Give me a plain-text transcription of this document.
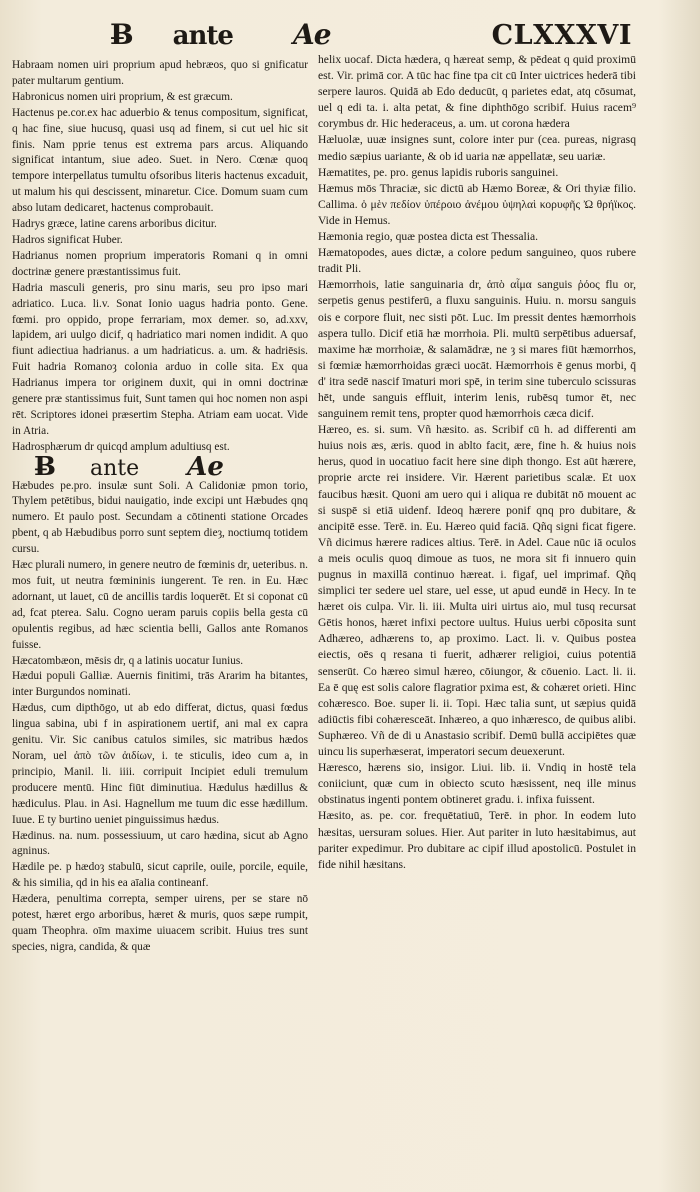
Ƀ ante Ae	CLXXXVI

Habraam nomen uiri proprium apud hebræos, quo si gnificatur pater multarum gentium.

Habronicus nomen uiri proprium, & est græcum.

Hactenus pe.cor.ex hac aduerbio & tenus compositum, significat, q hac fine, siue hucusq, quasi usq ad finem, si cut uel hic sit finis. Nam pprie tenus est extrema pars arcus. Aliquando significat intantum, siue adeo. Suet. in Nero. Cœnæ quoq tempore interpellatus tumultu ofsoribus literis hactenus excaduit, ut malum his qui descissent, minaretur. Cice. Domum suam cum abso lutam dedicaret, hactenus comprobauit.

Hadrys græce, latine carens arboribus dicitur.

Hadros significat Huber.

Hadrianus nomen proprium imperatoris Romani q in omni doctrinæ genere præstantissimus fuit.

Hadria masculi generis, pro sinu maris, seu pro ipso mari adriatico. Luca. li.v. Sonat Ionio uagus hadria ponto. Gene. fœmi. pro oppido, prope ferrariam, mox demer. so, ad.xxv, lapidem, ari uulgo dicif, q hadriatico mari nomen indidit. A quo fiunt adiectiua hadrianus. a um hadriaticus. a. um. & hadriēsis. Fuit hadria Romanoȝ colonia arduo in colle sita. Ex qua Hadrianus impera tor originem duxit, qui in omni doctrinæ genere præ stantissimus fuit, Sunt tamen qui hoc nomen non aspi rēt. Scriptores idonei præsertim Stepha. Atriam eam uocat. Vide in Atria.

Hadrosphærum dr quicqd amplum adultiusq est.

Ƀ ante Ae

Hæbudes pe.pro. insulæ sunt Soli. A Calidoniæ pmon torio, Thylem petētibus, bidui nauigatio, inde excipi unt Hæbudes qnq numero. Et paulo post. Secundam a cōtinenti statione Orcades pbent, q ab Hæbudibus porro sunt septem dieȝ, noctiumq totidem cursu.

Hæc plurali numero, in genere neutro de fœminis dr, ueteribus. n. mos fuit, ut neutra fœmininis iungerent. Te ren. in Eu. Hæc adornant, ut lauet, cū de ancillis tardis loquerēt. Et si coponat cū ad, fcat pterea. Salu. Cogno ueram paruis copiis bella gesta cū opulentis regibus, ad hæc scientia belli, Gallos ante Romanos fuisse.

Hæcatombæon, mēsis dr, q a latinis uocatur Iunius.

Hædui populi Galliæ. Auernis finitimi, trās Ararim ha bitantes, inter Burgundos nominati.

Hædus, cum dipthōgo, ut ab edo differat, dictus, quasi fœdus lingua sabina, ubi f in aspirationem uertif, ani mal ex capra genitu. Vir. Sic canibus catulos similes, sic matribus hædos Noram, uel ἀπὸ τῶν ἀιδίων, i. te sticulis, ideo cum a, in principio, Manil. li. iiii. corripuit Incipiet eduli tremulum producere mentū. Hinc fiūt diminutiua. Hædulus hædillus & hædiculus. Plau. in Asi. Hagnellum me tuum dic esse hædillum. Iuue. E ty burtino ueniet pinguissimus hædus.

Hædinus. na. num. possessiuum, ut caro hædina, sicut ab Agno agninus.

Hædile pe. p hædoȝ stabulū, sicut caprile, ouile, porcile, equile, & his similia, qd in his ea aīalia contineanf.

Hædera, penultima correpta, semper uirens, per se stare nō potest, hæret ergo arboribus, hæret & muris, quos sæpe rumpit, quam Theophra. oīm maxime uiuacem scribit. Huius tres sunt species, nigra, candida, & quæ

helix uocaf. Dicta hædera, q hæreat semp, & pēdeat q quid proximū est. Vir. primā cor. A tūc hac fine tpa cit cū Inter uictrices hederā tibi serpere lauros. Quidā ab Edo deducūt, q parietes edat, atq cōsumat, uel q edi ta. i. alta petat, & fine diphthōgo scribif. Huius racem⁹ corymbus dr. Hic hederaceus, a. um. ut corona hædera

Hæluolæ, uuæ insignes sunt, colore inter pur (cea. pureas, nigrasq medio sæpius uariante, & ob id uaria næ appellatæ, seu uariæ.

Hæmatites, pe. pro. genus lapidis ruboris sanguinei.

Hæmus mōs Thraciæ, sic dictū ab Hæmo Boreæ, & Ori thyiæ filio. Callima. ὁ μὲν πεδίον ὑπέροιο ἀνέμου ὑψηλαὶ κορυφῆς Ὠ θρήϊκος. Vide in Hemus.

Hæmonia regio, quæ postea dicta est Thessalia.

Hæmatopodes, aues dictæ, a colore pedum sanguineo, quos rubere tradit Pli.

Hæmorrhois, latie sanguinaria dr, ἀπὸ αἷμα sanguis ῥόος flu or, serpetis genus pestiferū, a fluxu sanguinis. Huiu. n. morsu sanguis ois e corpore fluit, nec sisti pōt. Luc. Im pressit dentes hæmorrhois aspera tullo. Dicif etiā hæ morrhoia. Pli. multū serpētibus aduersaf, maxime hæ morrhoiæ, & salamādræ, ne ȝ si mares fiūt hæmorrhos, si fœmiæ hæmorrhoidas græci uocāt. Hæmorrhois ē genus morbi, q̄ d' itra sedē nascif īmaturi mori spē, in terim sine tuberculo scissuras hēt, unde sanguis effluit, interim lenis, rubēsq tumor ēt, nec sanguinem remit tens, propter quod hæmorrhois cæca dicif.

Hæreo, es. si. sum. Vñ hæsito. as. Scribif cū h. ad differenti am huius nois æs, æris. quod in ablto facit, ære, fine h. & huius nois herus, quod in uocatiuo facit here sine diph thongo. Est aūt hærere, proprie arcte rei insidere. Vir. Hærent parietibus scalæ. Et uox faucibus hæsit. Quoni am uero qui i aliqua re dubitāt nō mouent ac si suspē si etiā uidenf. Ideoq hærere ponif qnq pro dubitare, & ancipitē esse. Terē. in. Eu. Hæreo quid faciā. Qñq signi ficat figere. Vñ dicimus hærere radices altius. Terē. in Adel. Caue nūc iā oculos a meis oculis quoq dimoue as tuos, ne mora sit fi innuero quin pugnus in maxillā continuo hæreat. i. figaf, uel imprimaf. Qñq simplici ter sedere uel stare, uel esse, ut apud eundē in Hecy. In te hæret ois culpa. Vir. li. iii. Multa uiri uirtus aio, mul tusq recursat Gētis honos, hæret infixi pectore uultus. Huius uerbi cōposita sunt Adhæreo, adhærens to, ap proximo. Lact. li. v. Quibus postea eiectis, oēs q resana ti fuerit, adhærer religioi, cuius potentiā senserūt. Co hæreo simul hæreo, cōiungor, & cōuenio. Lact. li. ii. Ea ē quę est solis calore flagratior pxima est, & cohæret orieti. Hinc cohæresco. Boe. super li. ii. Topi. Hæc talia sunt, ut sæpius quidā adiūctis fibi cohæresceāt. Inhæreo, a quo inhæresco, de quibus alibi. Suphæreo. Vñ de di u Anastasio scribif. Demū bullā accipiētes quæ uincu lis superhæserat, imperatori secum deuexerunt.

Hæresco, hærens sio, insigor. Liui. lib. ii. Vndiq in hostē tela coniiciunt, quæ cum in obiecto scuto hæsissent, neq ille minus obstinatus ingenti pontem obtineret gradu. i. infixa fuissent.

Hæsito, as. pe. cor. frequētatiuū, Terē. in phor. In eodem luto hæsitas, uersuram solues. Hier. Aut pariter in luto hæsitabimus, aut pariter expedimur. Pro dubitare ac cipif illud apostolicū. Postulet in fide nihil hæsitans.
